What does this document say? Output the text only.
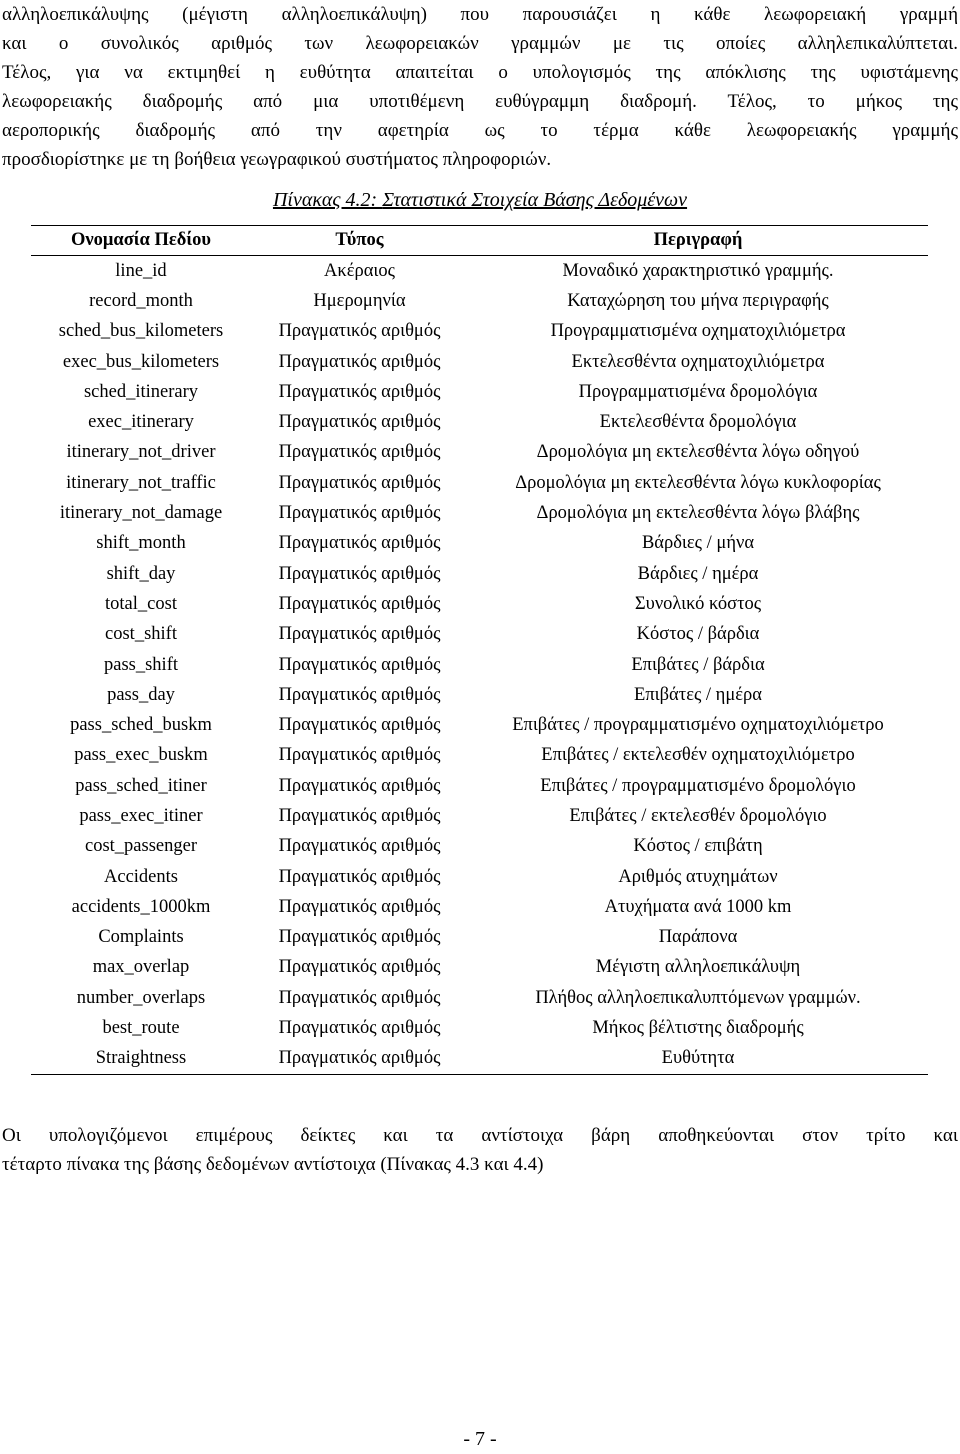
αλληλοεπικάλυψης (μέγιστη αλληλοεπικάλυψη) που παρουσιάζει η κάθε λεωφορειακή γραμμή

και ο συνολικός αριθμός των λεωφορειακών γραμμών με τις οποίες αλληλεπικαλύπτεται.

Τέλος, για να εκτιμηθεί η ευθύτητα απαιτείται ο υπολογισμός της απόκλισης της υφιστάμενης

λεωφορειακής διαδρομής από μια υποτιθέμενη ευθύγραμμη διαδρομή. Τέλος, το μήκος της

αεροπορικής διαδρομής από την αφετηρία ως το τέρμα κάθε λεωφορειακής γραμμής

προσδιορίστηκε με τη βοήθεια γεωγραφικού συστήματος πληροφοριών.

Πίνακας 4.2: Στατιστικά Στοιχεία Βάσης Δεδομένων
Ονομασία Πεδίου	Τύπος	Περιγραφή
line_id	Ακέραιος	Μοναδικό χαρακτηριστικό γραμμής.
record_month	Ημερομηνία	Καταχώρηση του μήνα περιγραφής
sched_bus_kilometers	Πραγματικός αριθμός	Προγραμματισμένα οχηματοχιλιόμετρα
exec_bus_kilometers	Πραγματικός αριθμός	Εκτελεσθέντα οχηματοχιλιόμετρα
sched_itinerary	Πραγματικός αριθμός	Προγραμματισμένα δρομολόγια
exec_itinerary	Πραγματικός αριθμός	Εκτελεσθέντα δρομολόγια
itinerary_not_driver	Πραγματικός αριθμός	Δρομολόγια μη εκτελεσθέντα λόγω οδηγού
itinerary_not_traffic	Πραγματικός αριθμός	Δρομολόγια μη εκτελεσθέντα λόγω κυκλοφορίας
itinerary_not_damage	Πραγματικός αριθμός	Δρομολόγια μη εκτελεσθέντα λόγω βλάβης
shift_month	Πραγματικός αριθμός	Βάρδιες / μήνα
shift_day	Πραγματικός αριθμός	Βάρδιες / ημέρα
total_cost	Πραγματικός αριθμός	Συνολικό κόστος
cost_shift	Πραγματικός αριθμός	Κόστος / βάρδια
pass_shift	Πραγματικός αριθμός	Επιβάτες / βάρδια
pass_day	Πραγματικός αριθμός	Επιβάτες / ημέρα
pass_sched_buskm	Πραγματικός αριθμός	Επιβάτες / προγραμματισμένο οχηματοχιλιόμετρο
pass_exec_buskm	Πραγματικός αριθμός	Επιβάτες / εκτελεσθέν οχηματοχιλιόμετρο
pass_sched_itiner	Πραγματικός αριθμός	Επιβάτες / προγραμματισμένο δρομολόγιο
pass_exec_itiner	Πραγματικός αριθμός	Επιβάτες / εκτελεσθέν δρομολόγιο
cost_passenger	Πραγματικός αριθμός	Κόστος / επιβάτη
Accidents	Πραγματικός αριθμός	Αριθμός ατυχημάτων
accidents_1000km	Πραγματικός αριθμός	Ατυχήματα ανά 1000 km
Complaints	Πραγματικός αριθμός	Παράπονα
max_overlap	Πραγματικός αριθμός	Μέγιστη αλληλοεπικάλυψη
number_overlaps	Πραγματικός αριθμός	Πλήθος αλληλοεπικαλυπτόμενων γραμμών.
best_route	Πραγματικός αριθμός	Μήκος βέλτιστης διαδρομής
Straightness	Πραγματικός αριθμός	Ευθύτητα

Οι υπολογιζόμενοι επιμέρους δείκτες και τα αντίστοιχα βάρη αποθηκεύονται στον τρίτο και

τέταρτο πίνακα της βάσης δεδομένων αντίστοιχα (Πίνακας 4.3 και 4.4)

- 7 -
